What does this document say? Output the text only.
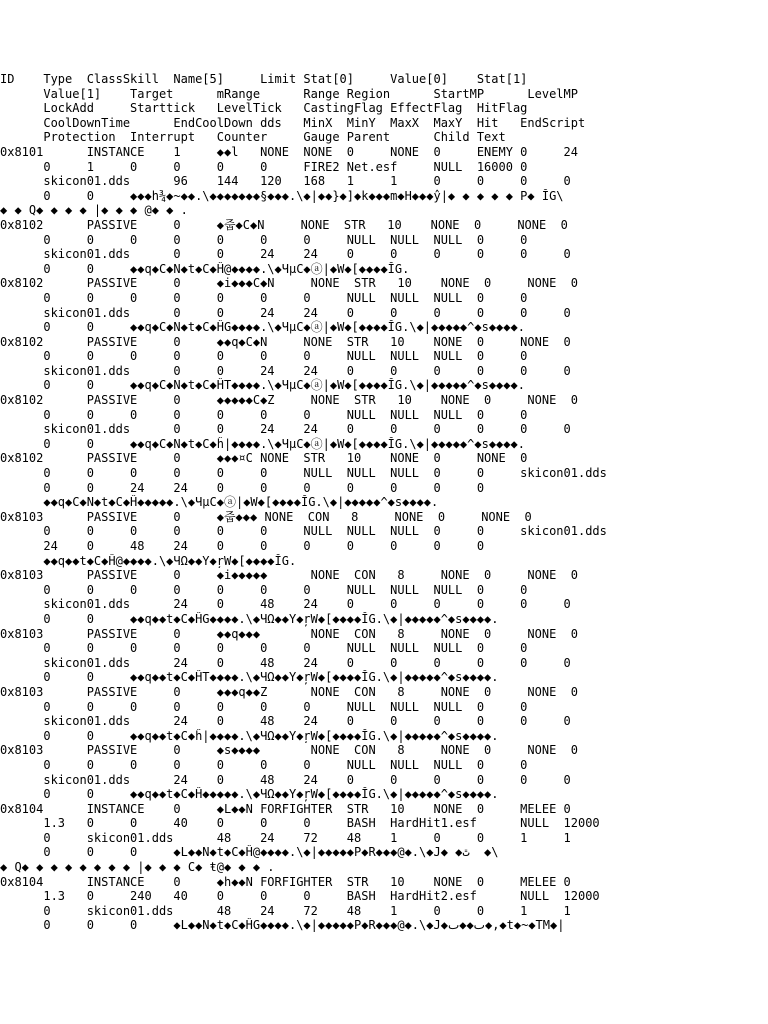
ID    Type  ClassSkill  Name[5]     Limit Stat[0]     Value[0]    Stat[1]
Value[1]    Target      mRange      Range Region      StartMP      LevelMP
LockAdd     Starttick   LevelTick   CastingFlag EffectFlag  HitFlag
CoolDownTime      EndCoolDown dds   MinX  MinY  MaxX  MaxY  Hit   EndScript
Protection  Interrupt   Counter     Gauge Parent      Child Text
0x8101      INSTANCE    1     ◆◆l   NONE  NONE  0     NONE  0     ENEMY 0     24
0     1     0     0     0     0     FIRE2 Net.esf     NULL  16000 0
skicon01.dds      96    144   120   168   1     1     0     0     0     0
0     0     ◆◆◆h¾◆~◆◆.\◆◆◆◆◆◆◆§◆◆◆.\◆|◆◆}◆]◆k◆◆◆m◆H◆◆◆ŷ|◆ ◆ ◆ ◆ ◆ P◆ ĬG\
◆ ◆ Q◆ ◆ ◆ ◆ |◆ ◆ ◆ @◆ ◆ .
0x8102      PASSIVE     0     ◆줍◆C◆N     NONE  STR   10    NONE  0     NONE  0
0     0     0     0     0     0     0     NULL  NULL  NULL  0     0
skicon01.dds      0     0     24    24    0     0     0     0     0     0
0     0     ◆◆q◆C◆N◆t◆C◆Ĥ@◆◆◆◆.\◆ЧµC◆ⓐ|◆W◆[◆◆◆◆ĬG.
0x8102      PASSIVE     0     ◆i◆◆◆C◆N     NONE  STR   10    NONE  0     NONE  0
0     0     0     0     0     0     0     NULL  NULL  NULL  0     0
skicon01.dds      0     0     24    24    0     0     0     0     0     0
0     0     ◆◆q◆C◆N◆t◆C◆ĤG◆◆◆◆.\◆ЧµC◆ⓐ|◆W◆[◆◆◆◆ĬG.\◆|◆◆◆◆◆^◆s◆◆◆◆.
0x8102      PASSIVE     0     ◆◆q◆C◆N     NONE  STR   10    NONE  0     NONE  0
0     0     0     0     0     0     0     NULL  NULL  NULL  0     0
skicon01.dds      0     0     24    24    0     0     0     0     0     0
0     0     ◆◆q◆C◆N◆t◆C◆ĤT◆◆◆◆.\◆ЧµC◆ⓐ|◆W◆[◆◆◆◆ĬG.\◆|◆◆◆◆◆^◆s◆◆◆◆.
0x8102      PASSIVE     0     ◆◆◆◆◆C◆Z     NONE  STR   10    NONE  0     NONE  0
0     0     0     0     0     0     0     NULL  NULL  NULL  0     0
skicon01.dds      0     0     24    24    0     0     0     0     0     0
0     0     ◆◆q◆C◆N◆t◆C◆ĥ|◆◆◆◆.\◆ЧµC◆ⓐ|◆W◆[◆◆◆◆ĬG.\◆|◆◆◆◆◆^◆s◆◆◆◆.
0x8102      PASSIVE     0     ◆◆◆¤C NONE  STR   10    NONE  0     NONE  0
0     0     0     0     0     0     NULL  NULL  NULL  0     0     skicon01.dds
0     0     24    24    0     0     0     0     0     0     0
◆◆q◆C◆N◆t◆C◆Ĥ◆◆◆◆◆.\◆ЧµC◆ⓐ|◆W◆[◆◆◆◆ĬG.\◆|◆◆◆◆◆^◆s◆◆◆◆.
0x8103      PASSIVE     0     ◆줍◆◆◆ NONE  CON   8     NONE  0     NONE  0
0     0     0     0     0     0     NULL  NULL  NULL  0     0     skicon01.dds
24    0     48    24    0     0     0     0     0     0     0
◆◆q◆◆t◆C◆Ĥ@◆◆◆◆.\◆ЧΩ◆◆Y◆ŗW◆[◆◆◆◆ĬG.
0x8103      PASSIVE     0     ◆i◆◆◆◆◆      NONE  CON   8     NONE  0     NONE  0
0     0     0     0     0     0     0     NULL  NULL  NULL  0     0
skicon01.dds      24    0     48    24    0     0     0     0     0     0
0     0     ◆◆q◆◆t◆C◆ĤG◆◆◆◆.\◆ЧΩ◆◆Y◆ŗW◆[◆◆◆◆ĬG.\◆|◆◆◆◆◆^◆s◆◆◆◆.
0x8103      PASSIVE     0     ◆◆q◆◆◆       NONE  CON   8     NONE  0     NONE  0
0     0     0     0     0     0     0     NULL  NULL  NULL  0     0
skicon01.dds      24    0     48    24    0     0     0     0     0     0
0     0     ◆◆q◆◆t◆C◆ĤT◆◆◆◆.\◆ЧΩ◆◆Y◆ŗW◆[◆◆◆◆ĬG.\◆|◆◆◆◆◆^◆s◆◆◆◆.
0x8103      PASSIVE     0     ◆◆◆q◆◆Z      NONE  CON   8     NONE  0     NONE  0
0     0     0     0     0     0     0     NULL  NULL  NULL  0     0
skicon01.dds      24    0     48    24    0     0     0     0     0     0
0     0     ◆◆q◆◆t◆C◆ĥ|◆◆◆◆.\◆ЧΩ◆◆Y◆ŗW◆[◆◆◆◆ĬG.\◆|◆◆◆◆◆^◆s◆◆◆◆.
0x8103      PASSIVE     0     ◆s◆◆◆◆       NONE  CON   8     NONE  0     NONE  0
0     0     0     0     0     0     0     NULL  NULL  NULL  0     0
skicon01.dds      24    0     48    24    0     0     0     0     0     0
0     0     ◆◆q◆◆t◆C◆Ĥ◆◆◆◆◆.\◆ЧΩ◆◆Y◆ŗW◆[◆◆◆◆ĬG.\◆|◆◆◆◆◆^◆s◆◆◆◆.
0x8104      INSTANCE    0     ◆L◆◆N FORFIGHTER  STR   10    NONE  0     MELEE 0
1.3   0     0     40    0     0     0     BASH  HardHit1.esf      NULL  12000
0     skicon01.dds      48    24    72    48    1     0     0     1     1
0     0     0     ◆L◆◆N◆t◆C◆Ĥ@◆◆◆◆.\◆|◆◆◆◆◆P◆R◆◆◆@◆.\◆J◆ ◆ٿ  ◆\
◆ Q◆ ◆ ◆ ◆ ◆ ◆ ◆ ◆ |◆ ◆ ◆ C◆ ŧ@◆ ◆ ◆ .
0x8104      INSTANCE    0     ◆h◆◆N FORFIGHTER  STR   10    NONE  0     MELEE 0
1.3   0     240   40    0     0     0     BASH  HardHit2.esf      NULL  12000
0     skicon01.dds      48    24    72    48    1     0     0     1     1
0     0     0     ◆L◆◆N◆t◆C◆ĤG◆◆◆◆.\◆|◆◆◆◆◆P◆R◆◆◆@◆.\◆J◆ٮ◆◆ٮ◆,◆t◆~◆TM◆|
